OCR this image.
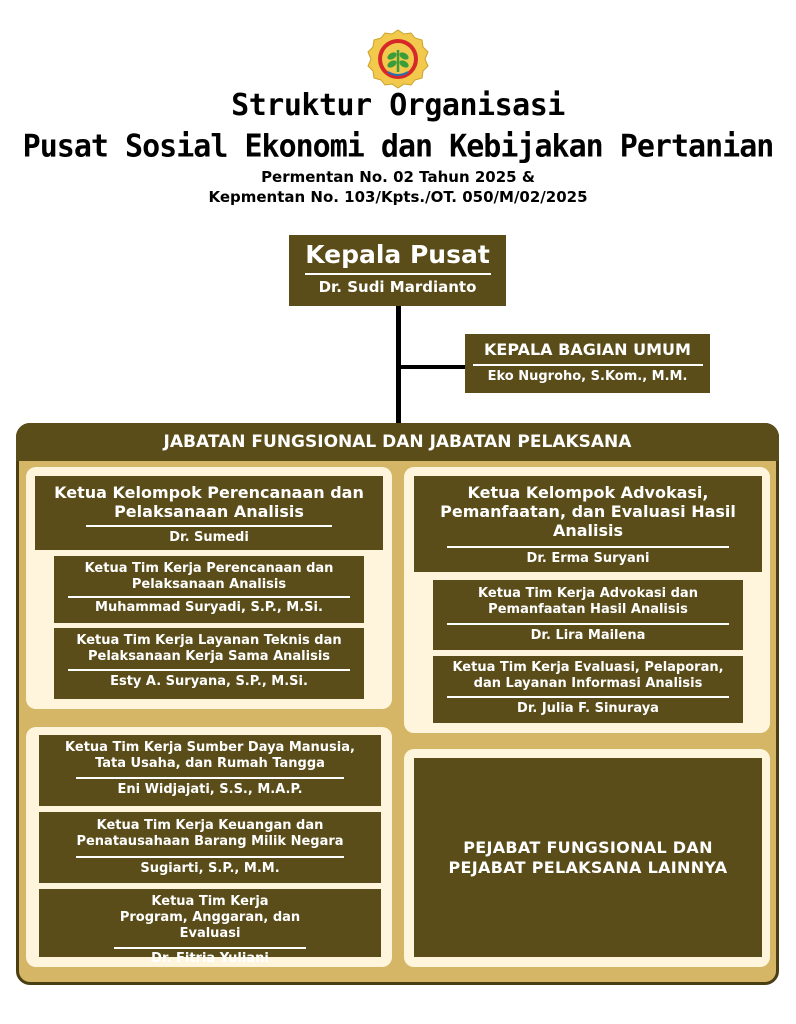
Struktur Organisasi
Pusat Sosial Ekonomi dan Kebijakan Pertanian
Permentan No. 02 Tahun 2025 &
Kepmentan No. 103/Kpts./OT. 050/M/02/2025
Kepala Pusat
Dr. Sudi Mardianto
KEPALA BAGIAN UMUM
Eko Nugroho, S.Kom., M.M.
JABATAN FUNGSIONAL DAN JABATAN PELAKSANA
Ketua Kelompok Perencanaan dan Pelaksanaan Analisis
Dr. Sumedi
Ketua Tim Kerja Perencanaan dan Pelaksanaan Analisis
Muhammad Suryadi, S.P., M.Si.
Ketua Tim Kerja Layanan Teknis dan Pelaksanaan Kerja Sama Analisis
Esty A. Suryana, S.P., M.Si.
Ketua Kelompok Advokasi, Pemanfaatan, dan Evaluasi Hasil Analisis
Dr. Erma Suryani
Ketua Tim Kerja Advokasi dan Pemanfaatan Hasil Analisis
Dr. Lira Mailena
Ketua Tim Kerja Evaluasi, Pelaporan, dan Layanan Informasi Analisis
Dr. Julia F. Sinuraya
Ketua Tim Kerja Sumber Daya Manusia, Tata Usaha, dan Rumah Tangga
Eni Widjajati, S.S., M.A.P.
Ketua Tim Kerja Keuangan dan Penatausahaan Barang Milik Negara
Sugiarti, S.P., M.M.
Ketua Tim Kerja Program, Anggaran, dan Evaluasi
Dr. Fitria Yuliani
PEJABAT FUNGSIONAL DAN PEJABAT PELAKSANA LAINNYA
